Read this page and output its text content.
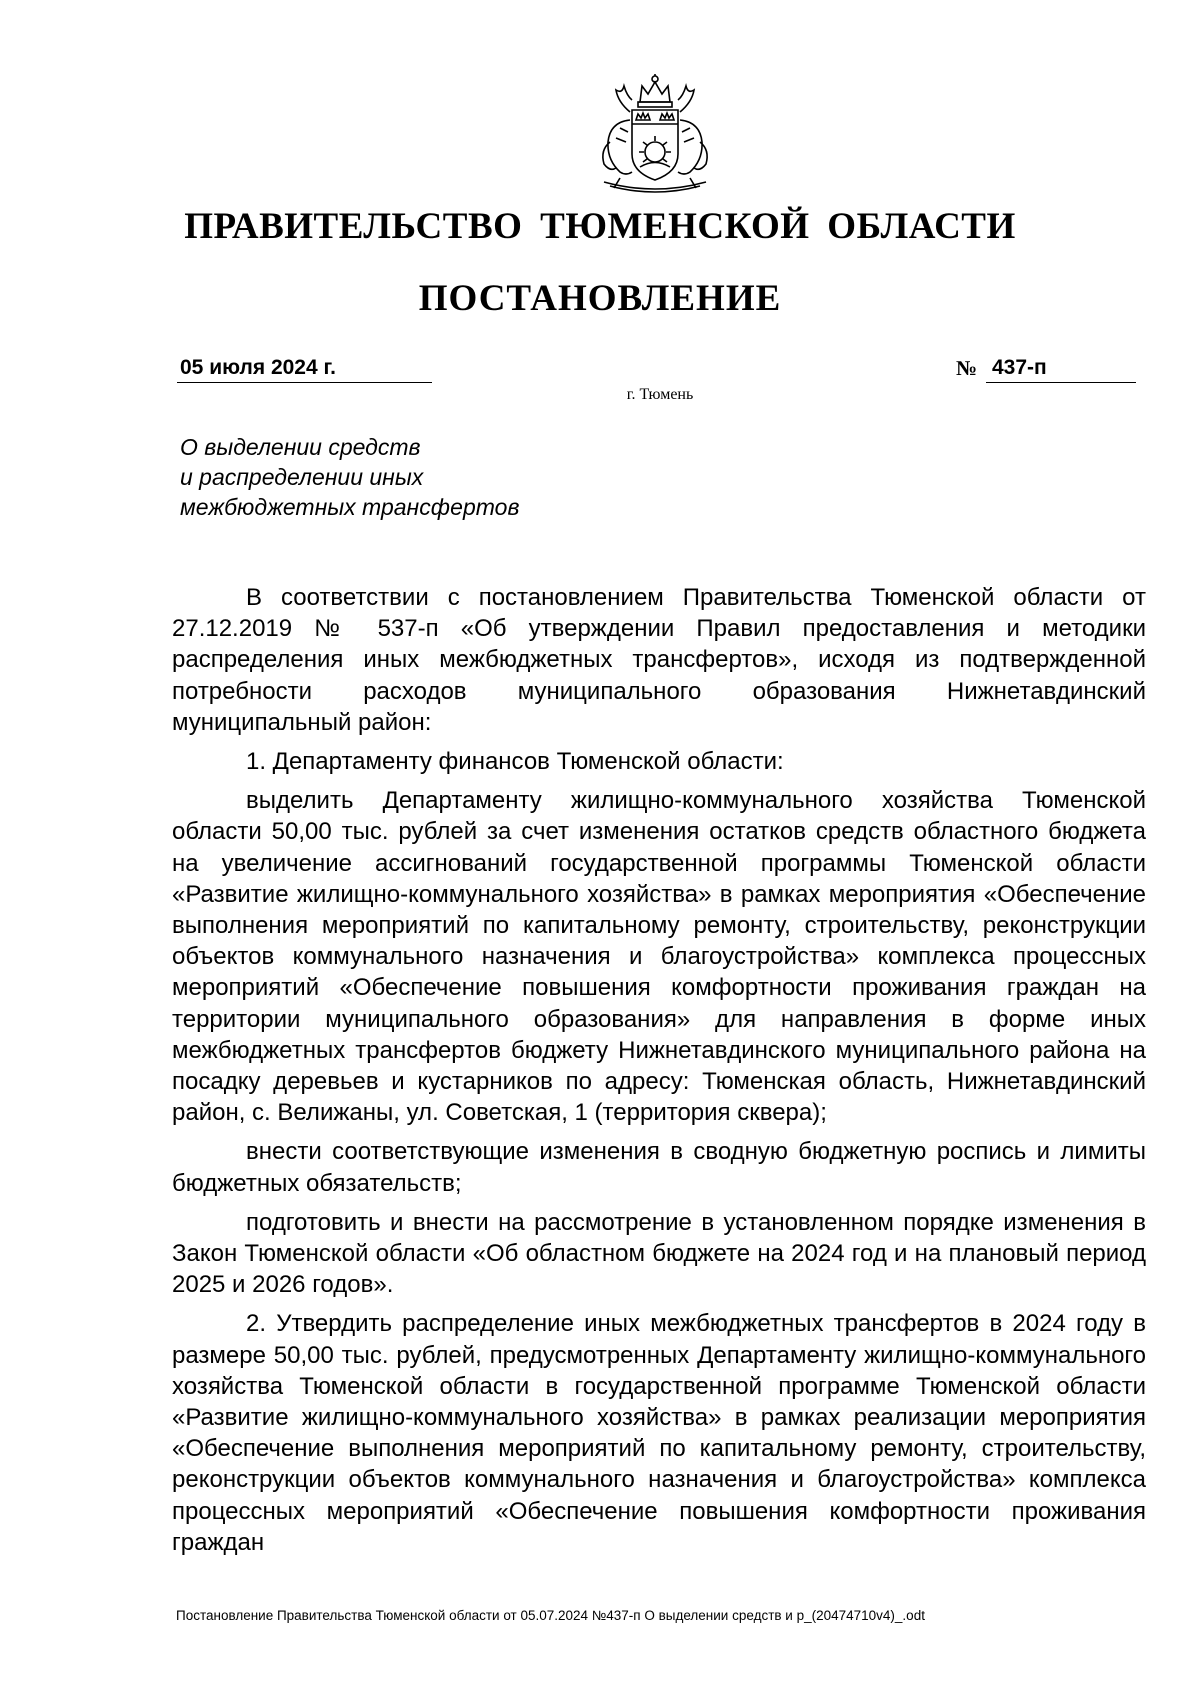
ПРАВИТЕЛЬСТВО ТЮМЕНСКОЙ ОБЛАСТИ
ПОСТАНОВЛЕНИЕ
05 июля 2024 г.	№ 437-п
г. Тюмень
О выделении средств
и распределении иных
межбюджетных трансфертов

В соответствии с постановлением Правительства Тюменской области от 27.12.2019 № 537-п «Об утверждении Правил предоставления и методики распределения иных межбюджетных трансфертов», исходя из подтвержденной потребности расходов муниципального образования Нижнетавдинский муниципальный район:

1. Департаменту финансов Тюменской области:

выделить Департаменту жилищно-коммунального хозяйства Тюменской области 50,00 тыс. рублей за счет изменения остатков средств областного бюджета на увеличение ассигнований государственной программы Тюменской области «Развитие жилищно-коммунального хозяйства» в рамках мероприятия «Обеспечение выполнения мероприятий по капитальному ремонту, строительству, реконструкции объектов коммунального назначения и благоустройства» комплекса процессных мероприятий «Обеспечение повышения комфортности проживания граждан на территории муниципального образования» для направления в форме иных межбюджетных трансфертов бюджету Нижнетавдинского муниципального района на посадку деревьев и кустарников по адресу: Тюменская область, Нижнетавдинский район, с. Велижаны, ул. Советская, 1 (территория сквера);

внести соответствующие изменения в сводную бюджетную роспись и лимиты бюджетных обязательств;

подготовить и внести на рассмотрение в установленном порядке изменения в Закон Тюменской области «Об областном бюджете на 2024 год и на плановый период 2025 и 2026 годов».

2. Утвердить распределение иных межбюджетных трансфертов в 2024 году в размере 50,00 тыс. рублей, предусмотренных Департаменту жилищно-коммунального хозяйства Тюменской области в государственной программе Тюменской области «Развитие жилищно-коммунального хозяйства» в рамках реализации мероприятия «Обеспечение выполнения мероприятий по капитальному ремонту, строительству, реконструкции объектов коммунального назначения и благоустройства» комплекса процессных мероприятий «Обеспечение повышения комфортности проживания граждан

Постановление Правительства Тюменской области от 05.07.2024 №437-п О выделении средств и р_(20474710v4)_.odt
